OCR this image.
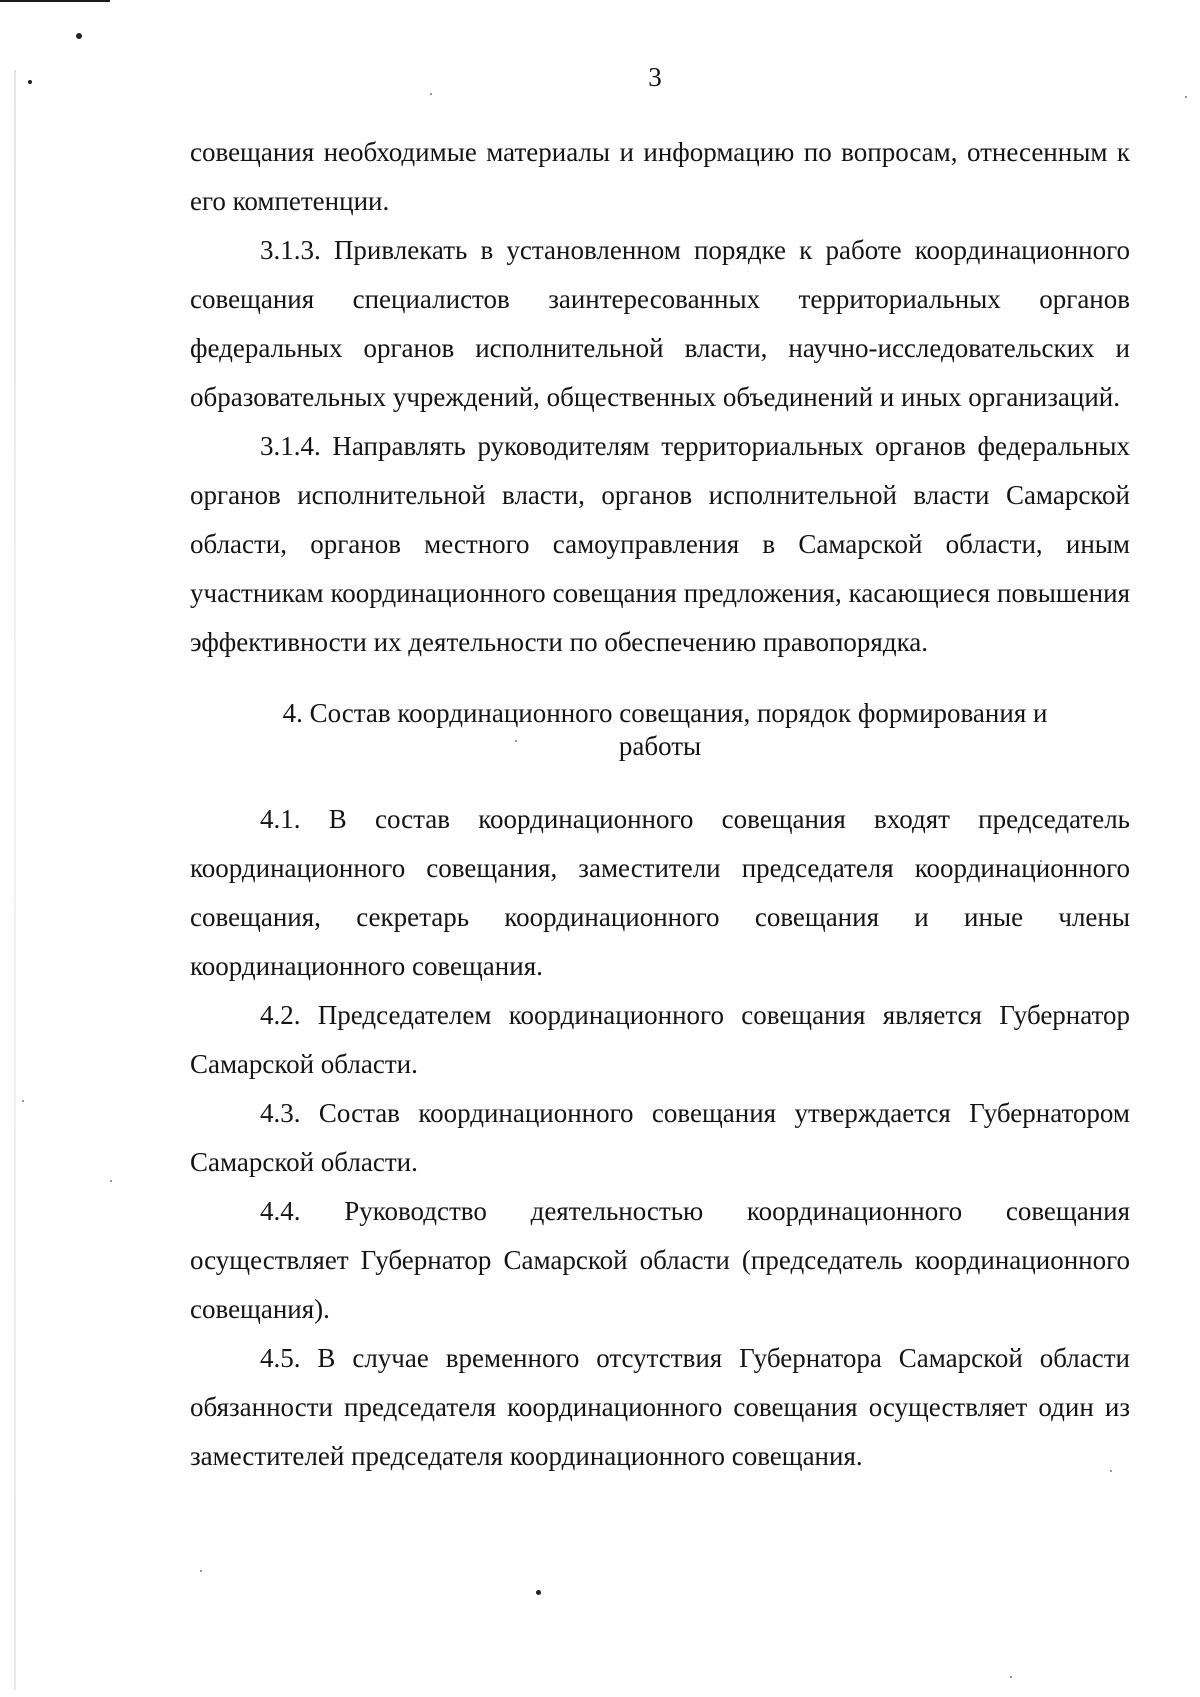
3

совещания необходимые материалы и информацию по вопросам, отнесенным к его компетенции.

3.1.3. Привлекать в установленном порядке к работе координационного совещания специалистов заинтересованных территориальных органов федеральных органов исполнительной власти, научно-исследовательских и образовательных учреждений, общественных объединений и иных организаций.

3.1.4. Направлять руководителям территориальных органов федеральных органов исполнительной власти, органов исполнительной власти Самарской области, органов местного самоуправления в Самарской области, иным участникам координационного совещания предложения, касающиеся повышения эффективности их деятельности по обеспечению правопорядка.

4. Состав координационного совещания, порядок формирования и
работы

4.1. В состав координационного совещания входят председатель координационного совещания, заместители председателя координационного совещания, секретарь координационного совещания и иные члены координационного совещания.

4.2. Председателем координационного совещания является Губернатор Самарской области.

4.3. Состав координационного совещания утверждается Губернатором Самарской области.

4.4. Руководство деятельностью координационного совещания осуществляет Губернатор Самарской области (председатель координационного совещания).

4.5. В случае временного отсутствия Губернатора Самарской области обязанности председателя координационного совещания осуществляет один из заместителей председателя координационного совещания.
